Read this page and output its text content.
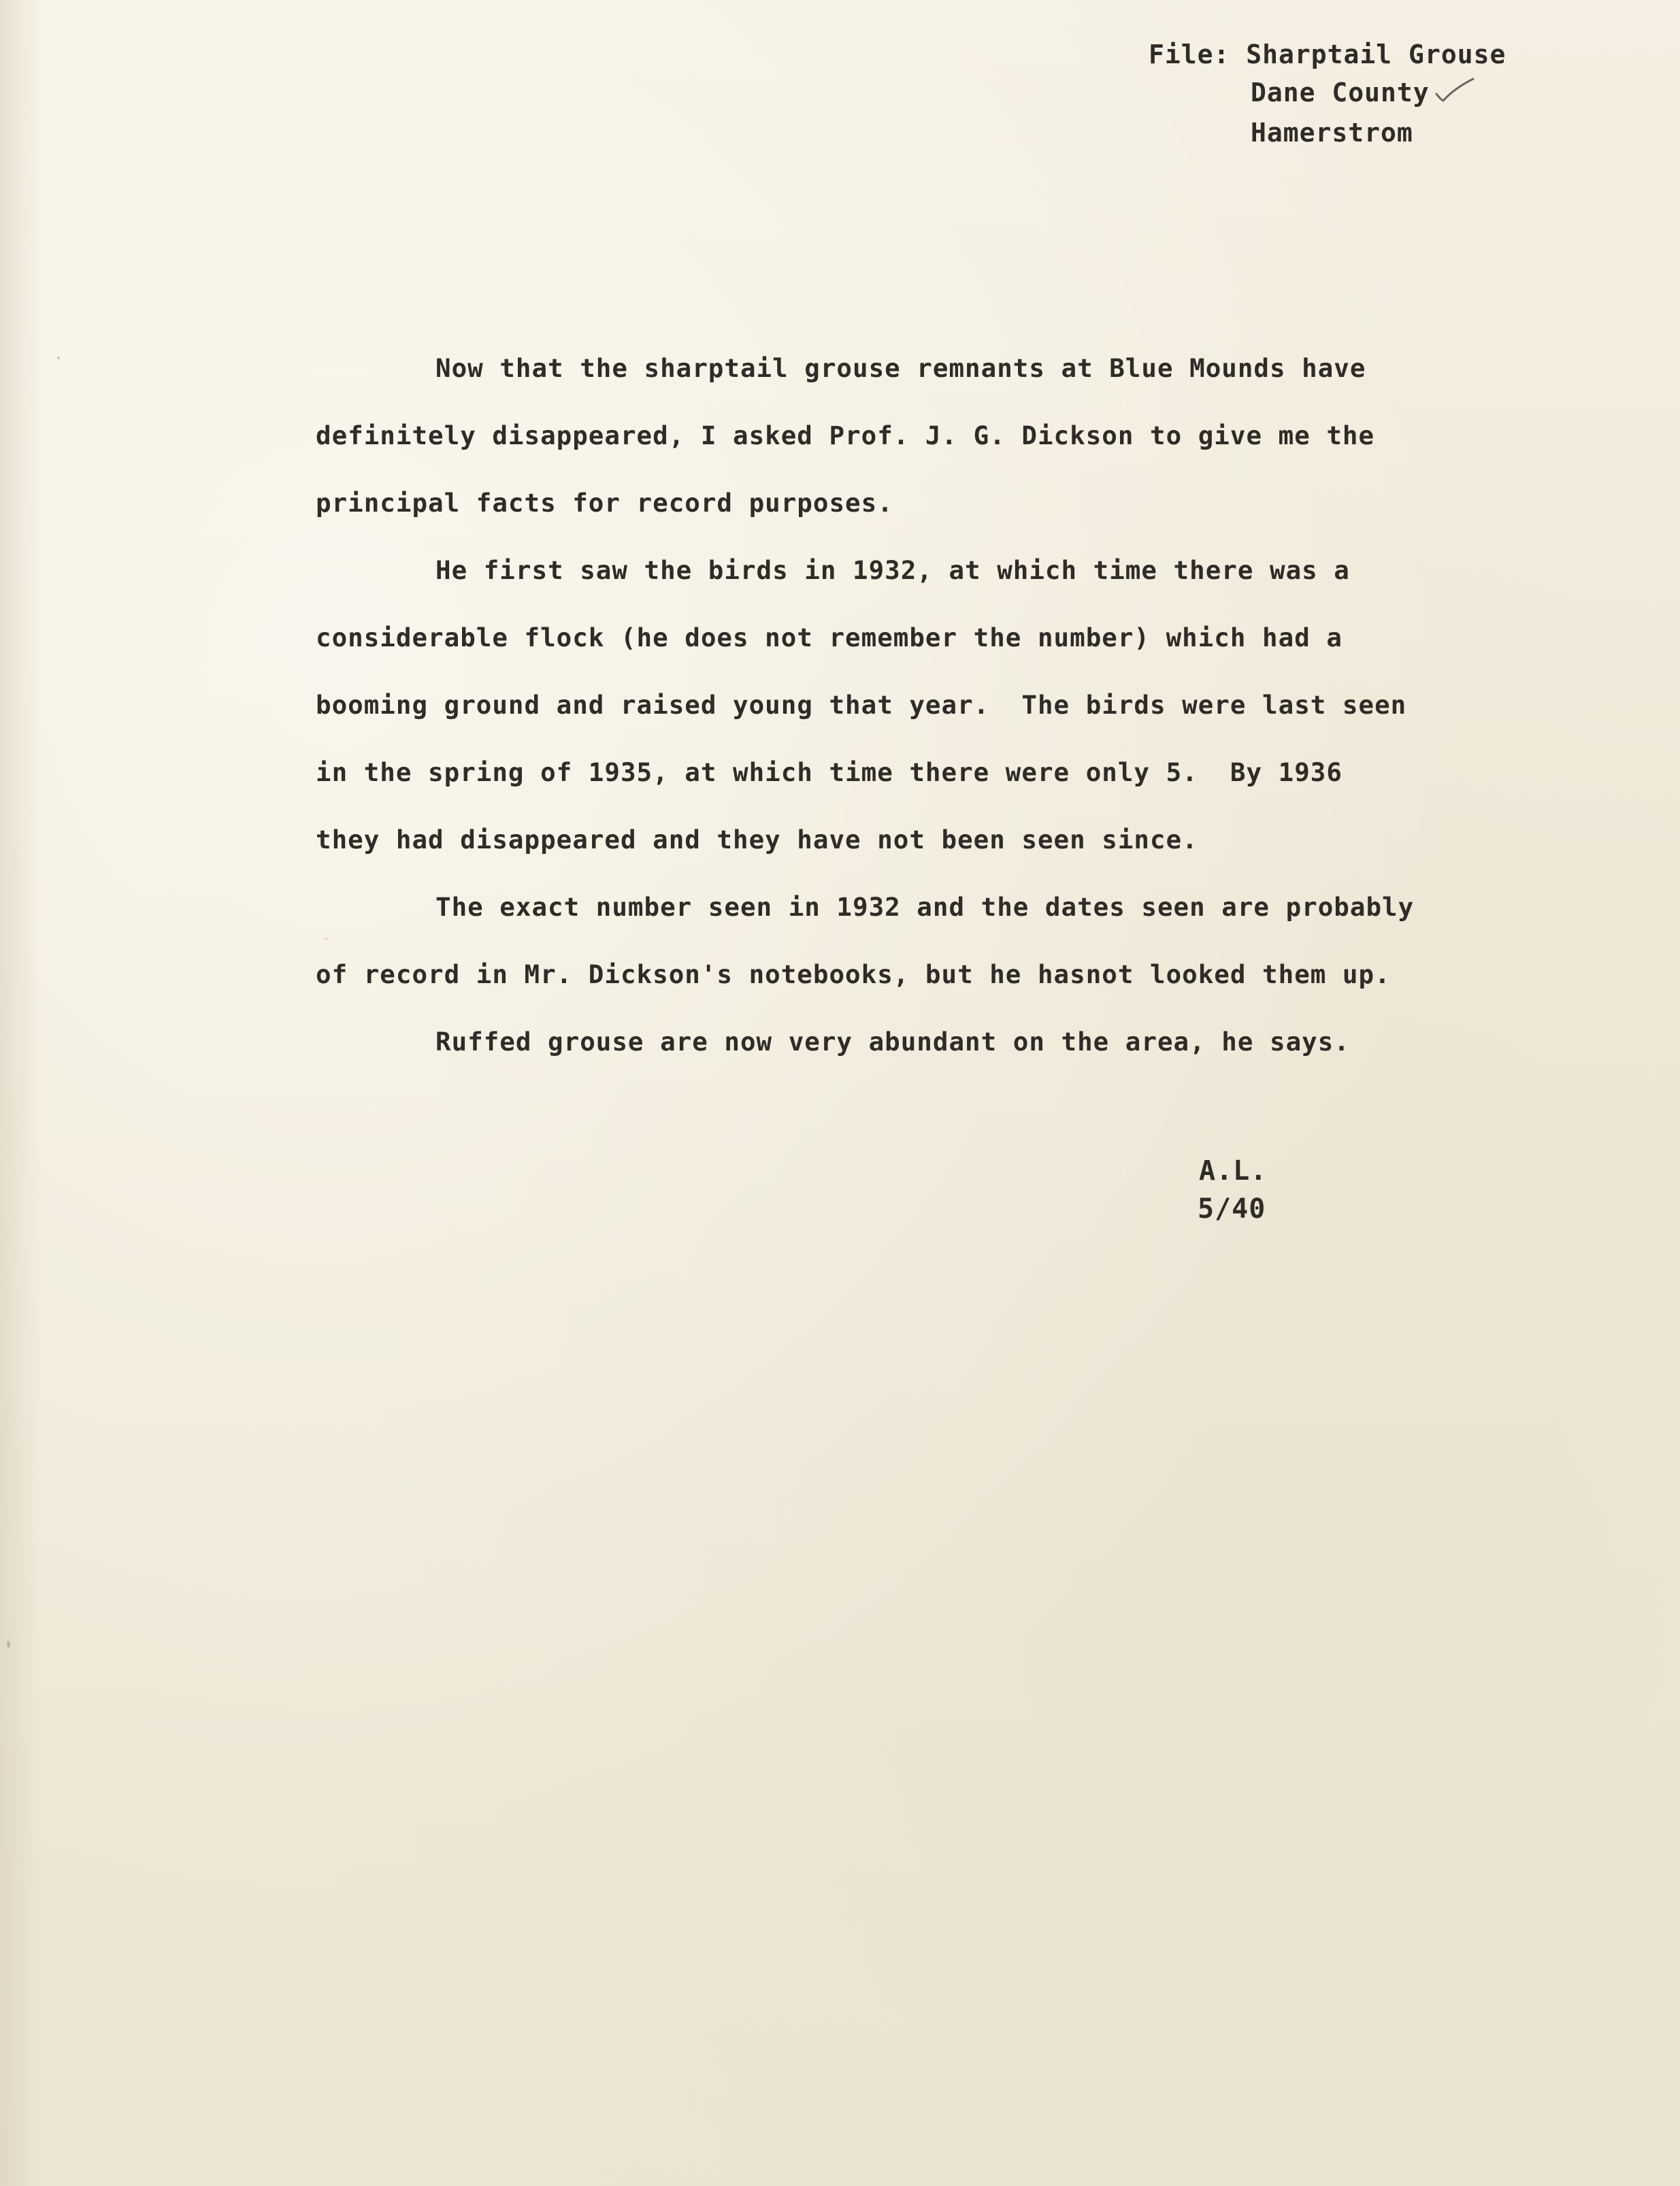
File: Sharptail Grouse
Dane County
Hamerstrom
Now that the sharptail grouse remnants at Blue Mounds have
definitely disappeared, I asked Prof. J. G. Dickson to give me the
principal facts for record purposes.
He first saw the birds in 1932, at which time there was a
considerable flock (he does not remember the number) which had a
booming ground and raised young that year.  The birds were last seen
in the spring of 1935, at which time there were only 5.  By 1936
they had disappeared and they have not been seen since.
The exact number seen in 1932 and the dates seen are probably
of record in Mr. Dickson's notebooks, but he hasnot looked them up.
Ruffed grouse are now very abundant on the area, he says.
A.L.
5/40
